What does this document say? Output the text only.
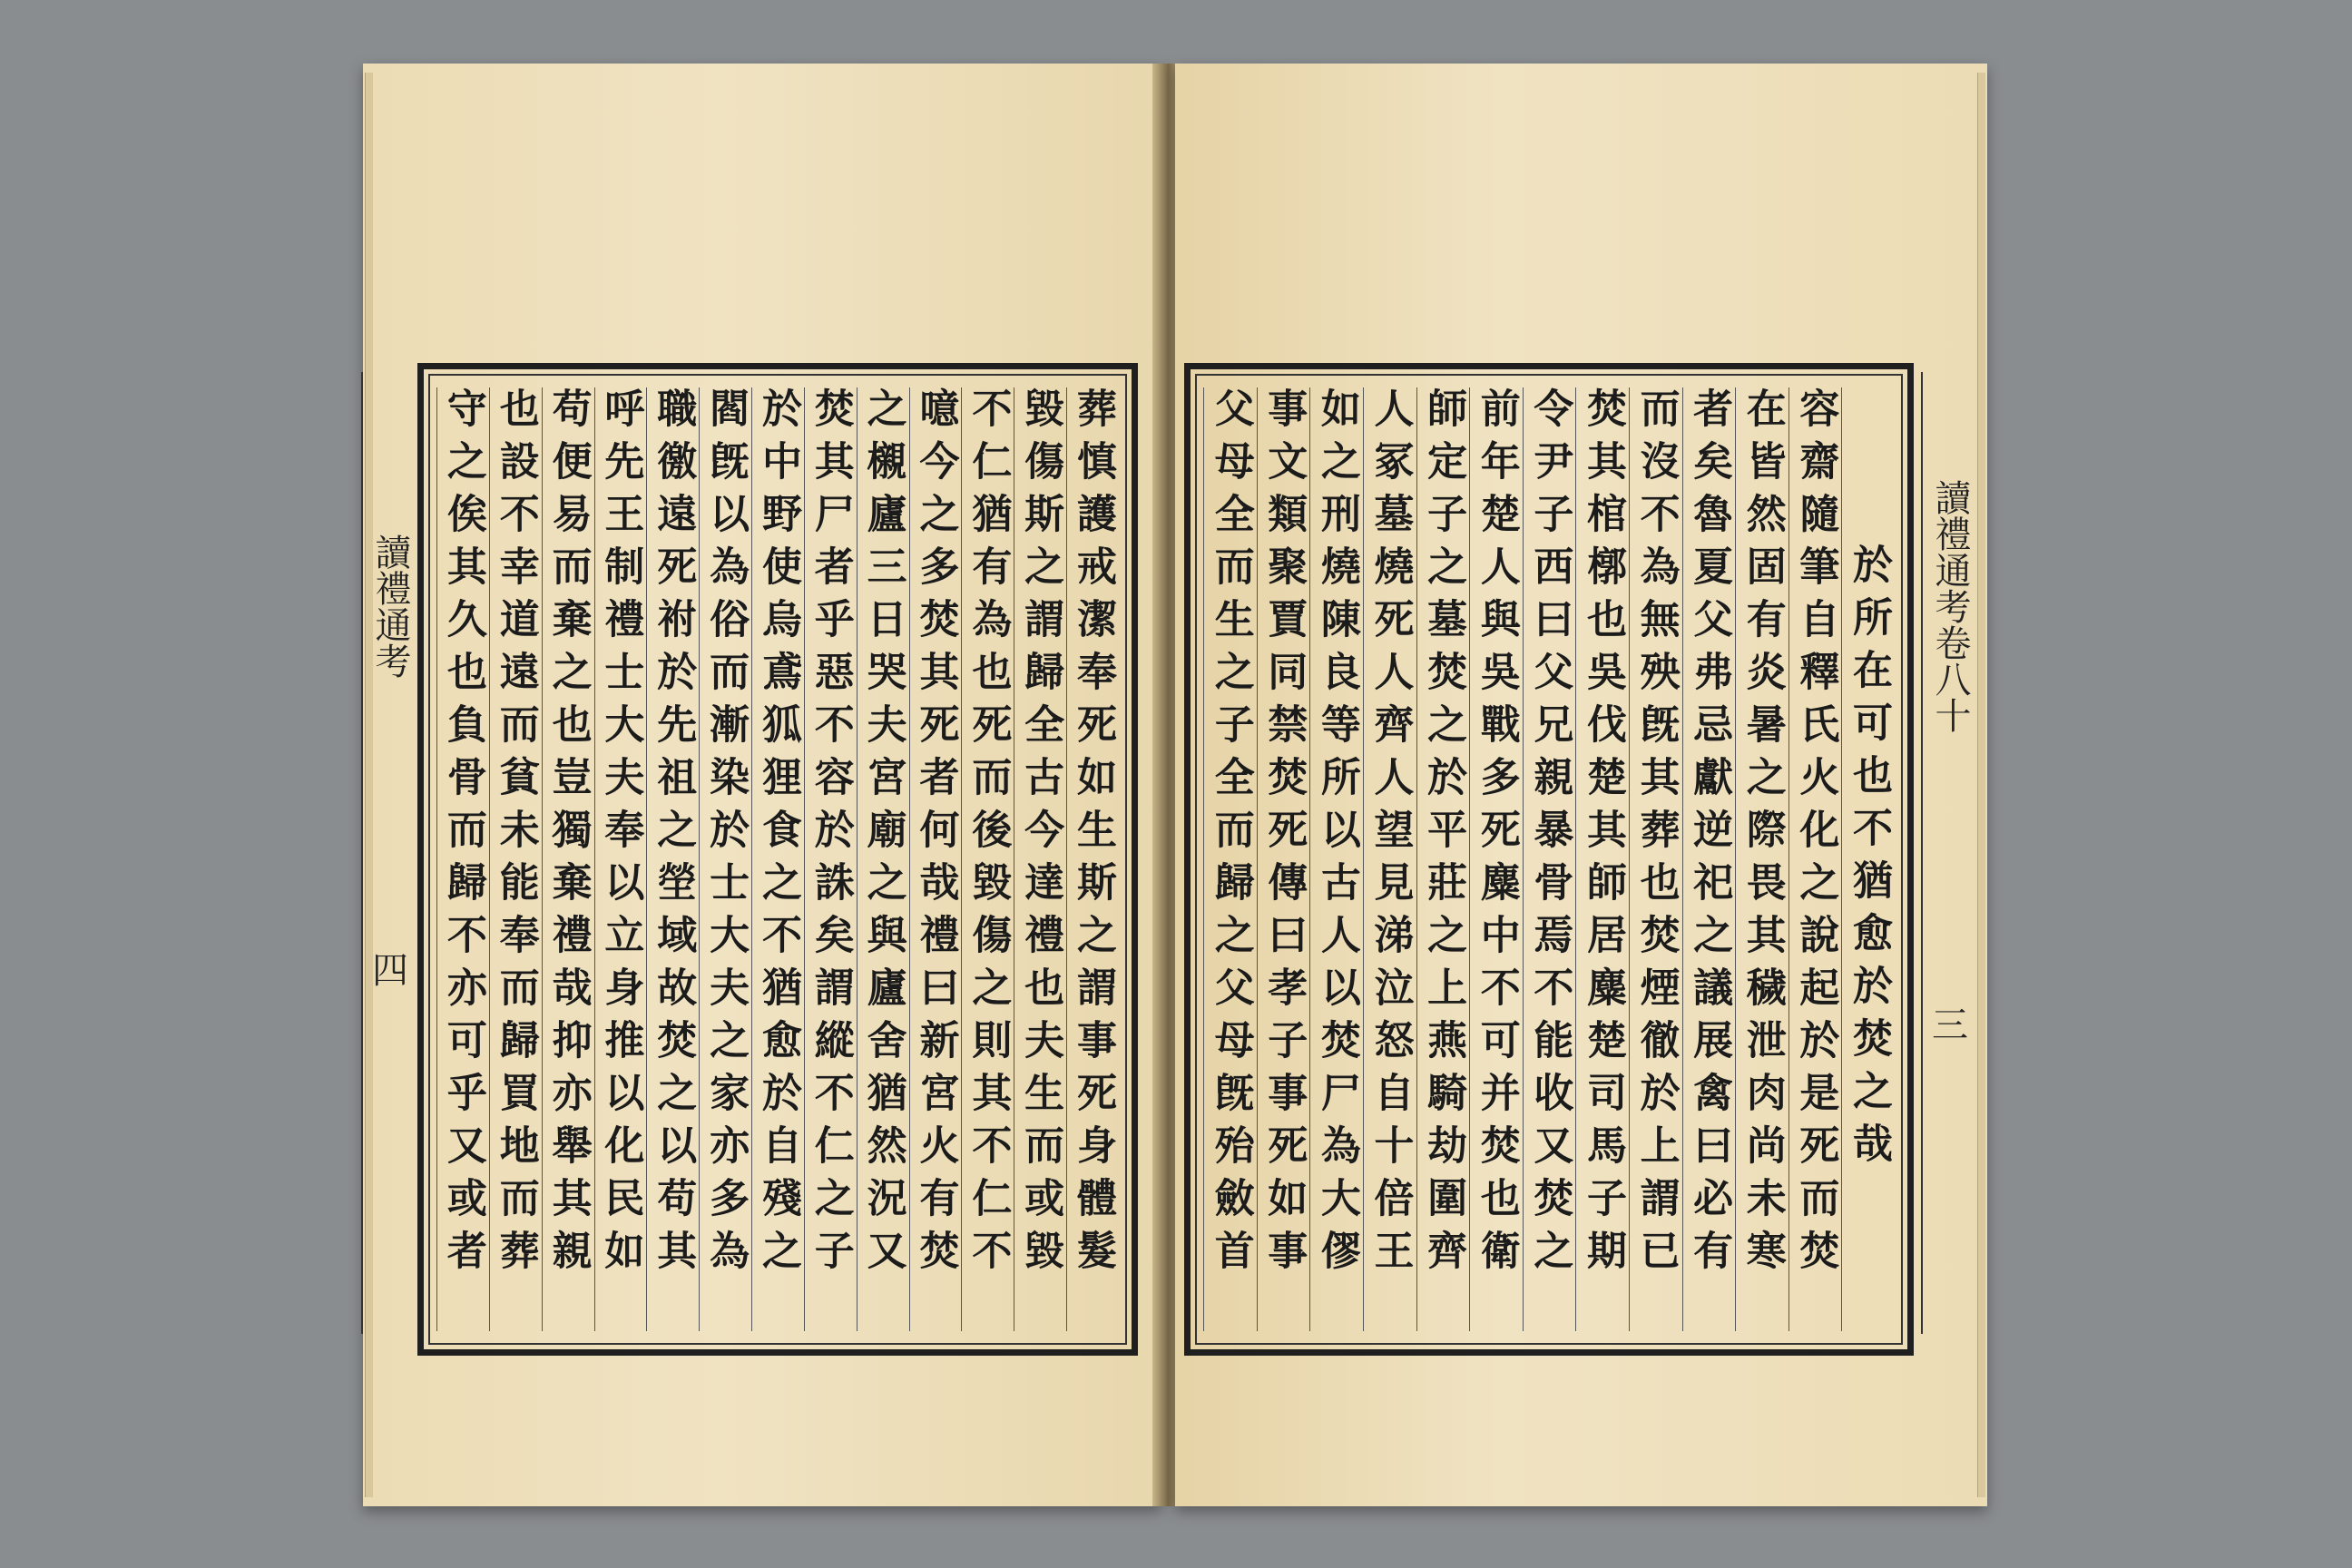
讀禮通考
四
葬慎護戒潔奉死如生斯之謂事死身體髮
毀傷斯之謂歸全古今達禮也夫生而或毀
不仁猶有為也死而後毀傷之則其不仁不
噫今之多焚其死者何哉禮曰新宮火有焚
之櫬廬三日哭夫宮廟之與廬舍猶然況又
焚其尸者乎惡不容於誅矣謂縱不仁之子
於中野使烏鳶狐狸食之不猶愈於自殘之
閻旣以為俗而漸染於士大夫之家亦多為
職徼遠死祔於先祖之塋域故焚之以苟其
呼先王制禮士大夫奉以立身推以化民如
苟便易而棄之也豈獨棄禮哉抑亦舉其親
也設不幸道遠而貧未能奉而歸買地而葬
守之俟其久也負骨而歸不亦可乎又或者
於所在可也不猶愈於焚之哉
容齋隨筆自釋氏火化之說起於是死而焚
在皆然固有炎暑之際畏其穢泄肉尚未寒
者矣魯夏父弗忌獻逆祀之議展禽曰必有
而沒不為無殃旣其葬也焚煙徹於上謂已
焚其棺槨也吳伐楚其師居麋楚司馬子期
令尹子西曰父兄親暴骨焉不能收又焚之
前年楚人與吳戰多死麋中不可并焚也衛
師定子之墓焚之於平莊之上燕騎劫圍齊
人冢墓燒死人齊人望見涕泣怒自十倍王
如之刑燒陳良等所以古人以焚尸為大僇
事文類聚賈同禁焚死傳曰孝子事死如事
父母全而生之子全而歸之父母旣殆斂首
讀禮通考卷八十
三
